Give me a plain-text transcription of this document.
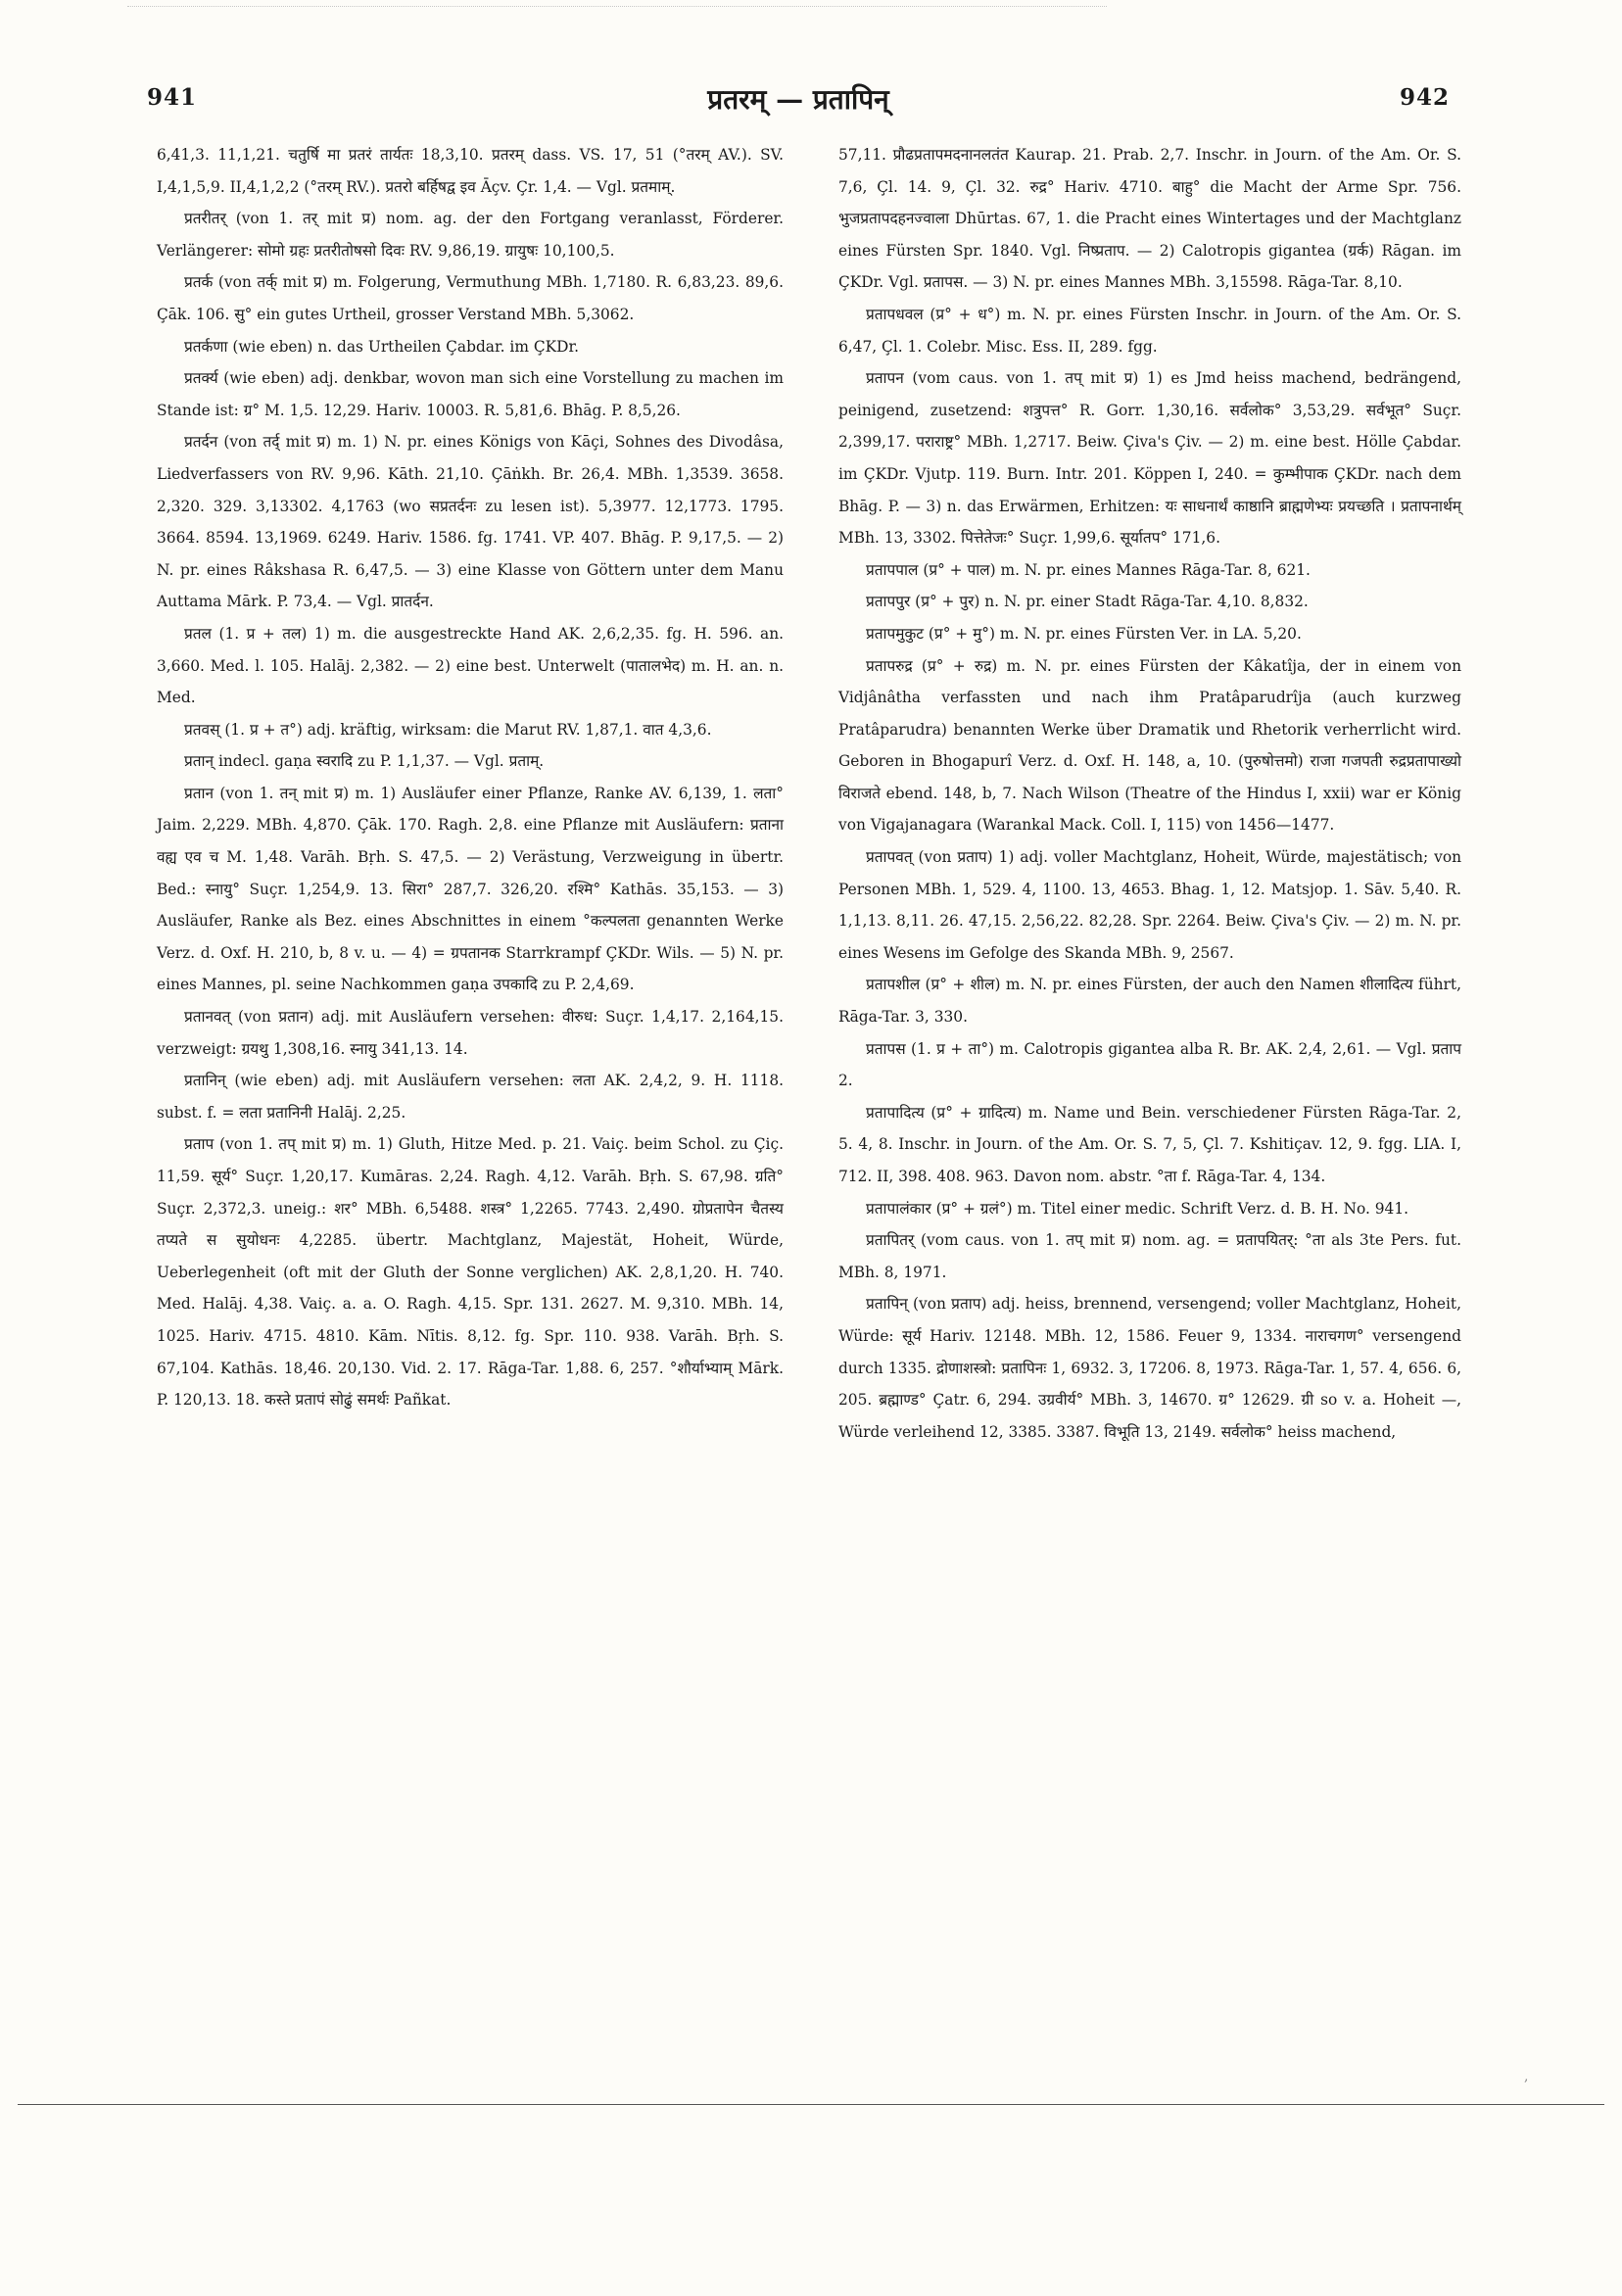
941	प्रतरम् — प्रतापिन्	942

6,41,3. 11,1,21. चतुर्षि मा प्रतरं तार्यतः 18,3,10. प्रतरम् dass. VS. 17, 51 (°तरम् AV.). SV. I,4,1,5,9. II,4,1,2,2 (°तरम् RV.). प्रतरो बर्हिषद्व इव Āçv. Çr. 1,4. — Vgl. प्रतमाम्.

प्रतरीतर् (von 1. तर् mit प्र) nom. ag. der den Fortgang veranlasst, Förderer. Verlängerer: सोमो ग्रहः प्रतरीतोषसो दिवः RV. 9,86,19. ग्रायुषः 10,100,5.

प्रतर्क (von तर्क् mit प्र) m. Folgerung, Vermuthung MBh. 1,7180. R. 6,83,23. 89,6. Çāk. 106. सु° ein gutes Urtheil, grosser Verstand MBh. 5,3062.

प्रतर्कणा (wie eben) n. das Urtheilen Çabdar. im ÇKDr.

प्रतर्क्य (wie eben) adj. denkbar, wovon man sich eine Vorstellung zu machen im Stande ist: ग्र° M. 1,5. 12,29. Hariv. 10003. R. 5,81,6. Bhāg. P. 8,5,26.

प्रतर्दन (von तर्द् mit प्र) m. 1) N. pr. eines Königs von Kāçi, Sohnes des Divodâsa, Liedverfassers von RV. 9,96. Kāth. 21,10. Çāṅkh. Br. 26,4. MBh. 1,3539. 3658. 2,320. 329. 3,13302. 4,1763 (wo सप्रतर्दनः zu lesen ist). 5,3977. 12,1773. 1795. 3664. 8594. 13,1969. 6249. Hariv. 1586. fg. 1741. VP. 407. Bhāg. P. 9,17,5. — 2) N. pr. eines Râkshasa R. 6,47,5. — 3) eine Klasse von Göttern unter dem Manu Auttama Mārk. P. 73,4. — Vgl. प्रातर्दन.

प्रतल (1. प्र + तल) 1) m. die ausgestreckte Hand AK. 2,6,2,35. fg. H. 596. an. 3,660. Med. l. 105. Halāj. 2,382. — 2) eine best. Unterwelt (पातालभेद) m. H. an. n. Med.

प्रतवस् (1. प्र + त°) adj. kräftig, wirksam: die Marut RV. 1,87,1. वात 4,3,6.

प्रतान् indecl. gaṇa स्वरादि zu P. 1,1,37. — Vgl. प्रताम्.

प्रतान (von 1. तन् mit प्र) m. 1) Ausläufer einer Pflanze, Ranke AV. 6,139, 1. लता° Jaim. 2,229. MBh. 4,870. Çāk. 170. Ragh. 2,8. eine Pflanze mit Ausläufern: प्रताना वह्य एव च M. 1,48. Varāh. Bṛh. S. 47,5. — 2) Verästung, Verzweigung in übertr. Bed.: स्नायु° Suçr. 1,254,9. 13. सिरा° 287,7. 326,20. रश्मि° Kathās. 35,153. — 3) Ausläufer, Ranke als Bez. eines Abschnittes in einem °कल्पलता genannten Werke Verz. d. Oxf. H. 210, b, 8 v. u. — 4) = ग्रपतानक Starrkrampf ÇKDr. Wils. — 5) N. pr. eines Mannes, pl. seine Nachkommen gaṇa उपकादि zu P. 2,4,69.

प्रतानवत् (von प्रतान) adj. mit Ausläufern versehen: वीरुध: Suçr. 1,4,17. 2,164,15. verzweigt: ग्रयथु 1,308,16. स्नायु 341,13. 14.

प्रतानिन् (wie eben) adj. mit Ausläufern versehen: लता AK. 2,4,2, 9. H. 1118. subst. f. = लता प्रतानिनी Halāj. 2,25.

प्रताप (von 1. तप् mit प्र) m. 1) Gluth, Hitze Med. p. 21. Vaiç. beim Schol. zu Çiç. 11,59. सूर्य° Suçr. 1,20,17. Kumāras. 2,24. Ragh. 4,12. Varāh. Bṛh. S. 67,98. ग्रति° Suçr. 2,372,3. uneig.: शर° MBh. 6,5488. शस्त्र° 1,2265. 7743. 2,490. ग्रोप्रतापेन चैतस्य तप्यते स सुयोधनः 4,2285. übertr. Machtglanz, Majestät, Hoheit, Würde, Ueberlegenheit (oft mit der Gluth der Sonne verglichen) AK. 2,8,1,20. H. 740. Med. Halāj. 4,38. Vaiç. a. a. O. Ragh. 4,15. Spr. 131. 2627. M. 9,310. MBh. 14, 1025. Hariv. 4715. 4810. Kām. Nītis. 8,12. fg. Spr. 110. 938. Varāh. Bṛh. S. 67,104. Kathās. 18,46. 20,130. Vid. 2. 17. Rāga-Tar. 1,88. 6, 257. °शौर्याभ्याम् Mārk. P. 120,13. 18. कस्ते प्रतापं सोढुं समर्थः Pañkat.

57,11. प्रौढप्रतापमदनानलतंत Kaurap. 21. Prab. 2,7. Inschr. in Journ. of the Am. Or. S. 7,6, Çl. 14. 9, Çl. 32. रुद्र° Hariv. 4710. बाहु° die Macht der Arme Spr. 756. भुजप्रतापदहनज्वाला Dhūrtas. 67, 1. die Pracht eines Wintertages und der Machtglanz eines Fürsten Spr. 1840. Vgl. निष्प्रताप. — 2) Calotropis gigantea (ग्रर्क) Rāgan. im ÇKDr. Vgl. प्रतापस. — 3) N. pr. eines Mannes MBh. 3,15598. Rāga-Tar. 8,10.

प्रतापधवल (प्र° + ध°) m. N. pr. eines Fürsten Inschr. in Journ. of the Am. Or. S. 6,47, Çl. 1. Colebr. Misc. Ess. II, 289. fgg.

प्रतापन (vom caus. von 1. तप् mit प्र) 1) es Jmd heiss machend, bedrängend, peinigend, zusetzend: शत्रुपत्त° R. Gorr. 1,30,16. सर्वलोक° 3,53,29. सर्वभूत° Suçr. 2,399,17. पराराष्ट्र° MBh. 1,2717. Beiw. Çiva's Çiv. — 2) m. eine best. Hölle Çabdar. im ÇKDr. Vjutp. 119. Burn. Intr. 201. Köppen I, 240. = कुम्भीपाक ÇKDr. nach dem Bhāg. P. — 3) n. das Erwärmen, Erhitzen: यः साधनार्थं काष्ठानि ब्राह्मणेभ्यः प्रयच्छति । प्रतापनार्थम् MBh. 13, 3302. पित्तेतेजः° Suçr. 1,99,6. सूर्यातप° 171,6.

प्रतापपाल (प्र° + पाल) m. N. pr. eines Mannes Rāga-Tar. 8, 621.

प्रतापपुर (प्र° + पुर) n. N. pr. einer Stadt Rāga-Tar. 4,10. 8,832.

प्रतापमुकुट (प्र° + मु°) m. N. pr. eines Fürsten Ver. in LA. 5,20.

प्रतापरुद्र (प्र° + रुद्र) m. N. pr. eines Fürsten der Kâkatîja, der in einem von Vidjânâtha verfassten und nach ihm Pratâparudrîja (auch kurzweg Pratâparudra) benannten Werke über Dramatik und Rhetorik verherrlicht wird. Geboren in Bhogapurî Verz. d. Oxf. H. 148, a, 10. (पुरुषोत्तमो) राजा गजपती रुद्रप्रतापाख्यो विराजते ebend. 148, b, 7. Nach Wilson (Theatre of the Hindus I, xxii) war er König von Vigajanagara (Warankal Mack. Coll. I, 115) von 1456—1477.

प्रतापवत् (von प्रताप) 1) adj. voller Machtglanz, Hoheit, Würde, majestätisch; von Personen MBh. 1, 529. 4, 1100. 13, 4653. Bhag. 1, 12. Matsjop. 1. Sāv. 5,40. R. 1,1,13. 8,11. 26. 47,15. 2,56,22. 82,28. Spr. 2264. Beiw. Çiva's Çiv. — 2) m. N. pr. eines Wesens im Gefolge des Skanda MBh. 9, 2567.

प्रतापशील (प्र° + शील) m. N. pr. eines Fürsten, der auch den Namen शीलादित्य führt, Rāga-Tar. 3, 330.

प्रतापस (1. प्र + ता°) m. Calotropis gigantea alba R. Br. AK. 2,4, 2,61. — Vgl. प्रताप 2.

प्रतापादित्य (प्र° + ग्रादित्य) m. Name und Bein. verschiedener Fürsten Rāga-Tar. 2, 5. 4, 8. Inschr. in Journ. of the Am. Or. S. 7, 5, Çl. 7. Kshitiçav. 12, 9. fgg. LIA. I, 712. II, 398. 408. 963. Davon nom. abstr. °ता f. Rāga-Tar. 4, 134.

प्रतापालंकार (प्र° + ग्रलं°) m. Titel einer medic. Schrift Verz. d. B. H. No. 941.

प्रतापितर् (vom caus. von 1. तप् mit प्र) nom. ag. = प्रतापयितर्: °ता als 3te Pers. fut. MBh. 8, 1971.

प्रतापिन् (von प्रताप) adj. heiss, brennend, versengend; voller Machtglanz, Hoheit, Würde: सूर्य Hariv. 12148. MBh. 12, 1586. Feuer 9, 1334. नाराचगण° versengend durch 1335. द्रोणाशस्त्रो: प्रतापिनः 1, 6932. 3, 17206. 8, 1973. Rāga-Tar. 1, 57. 4, 656. 6, 205. ब्रह्माण्ड° Çatr. 6, 294. उग्रवीर्य° MBh. 3, 14670. ग्र° 12629. ग्री so v. a. Hoheit —, Würde verleihend 12, 3385. 3387. विभूति 13, 2149. सर्वलोक° heiss machend,

,
